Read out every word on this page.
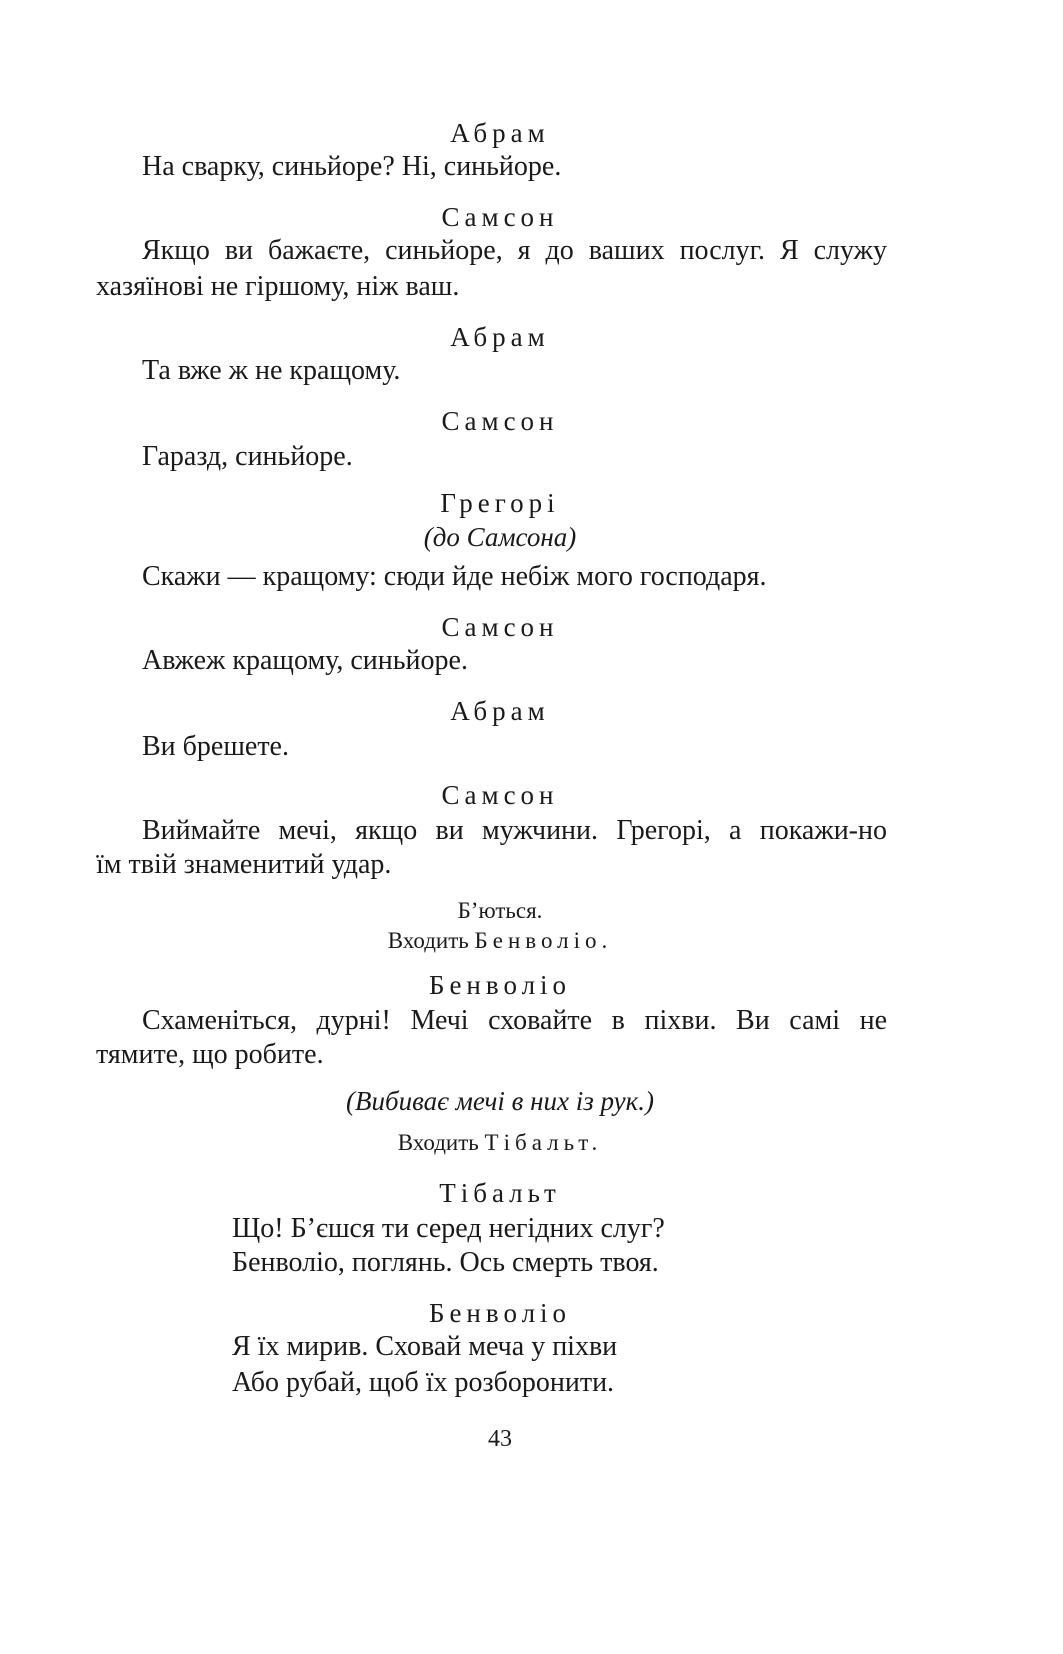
Абрам
На сварку, синьйоре? Ні, синьйоре.
Самсон
Якщо ви бажаєте, синьйоре, я до ваших послуг. Я служу
хазяїнові не гіршому, ніж ваш.
Абрам
Та вже ж не кращому.
Самсон
Гаразд, синьйоре.
Грегорі
(до Самсона)
Скажи — кращому: сюди йде небіж мого господаря.
Самсон
Авжеж кращому, синьйоре.
Абрам
Ви брешете.
Самсон
Виймайте мечі, якщо ви мужчини. Грегорі, а покажи-но
їм твій знаменитий удар.
Б’ються.
Входить Бенволіо.
Бенволіо
Схаменіться, дурні! Мечі сховайте в піхви. Ви самі не
тямите, що робите.
(Вибиває мечі в них із рук.)
Входить Тібальт.
Тібальт
Що! Б’єшся ти серед негідних слуг?
Бенволіо, поглянь. Ось смерть твоя.
Бенволіо
Я їх мирив. Сховай меча у піхви
Або рубай, щоб їх розборонити.
43
